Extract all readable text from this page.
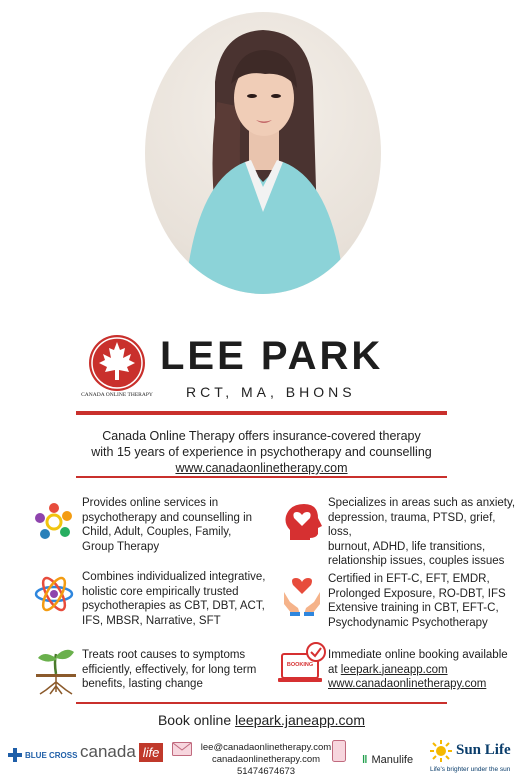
CANADA ONLINE THERAPY
LEE PARK
RCT, MA, BHONS
Canada Online Therapy offers insurance-covered therapy
with 15 years of experience in psychotherapy and counselling
www.canadaonlinetherapy.com
Provides online services in
psychotherapy and counselling in
Child, Adult, Couples, Family,
Group Therapy
Specializes in areas such as anxiety,
depression, trauma, PTSD, grief, loss,
burnout, ADHD, life transitions,
relationship issues, couples issues
Combines individualized integrative,
holistic core empirically trusted
psychotherapies as CBT, DBT, ACT,
IFS, MBSR, Narrative, SFT
Certified in EFT-C, EFT, EMDR,
Prolonged Exposure, RO-DBT, IFS
Extensive training in CBT, EFT-C,
Psychodynamic Psychotherapy
Treats root causes to symptoms
efficiently, effectively, for long term
benefits, lasting change
BOOKING
Immediate online booking available
at leepark.janeapp.com
www.canadaonlinetherapy.com
Book online leepark.janeapp.com
BLUE CROSS canada life	lee@canadaonlinetherapy.com
canadaonlinetherapy.com
51474674673
‖ Manulife
Sun Life
Life's brighter under the sun
